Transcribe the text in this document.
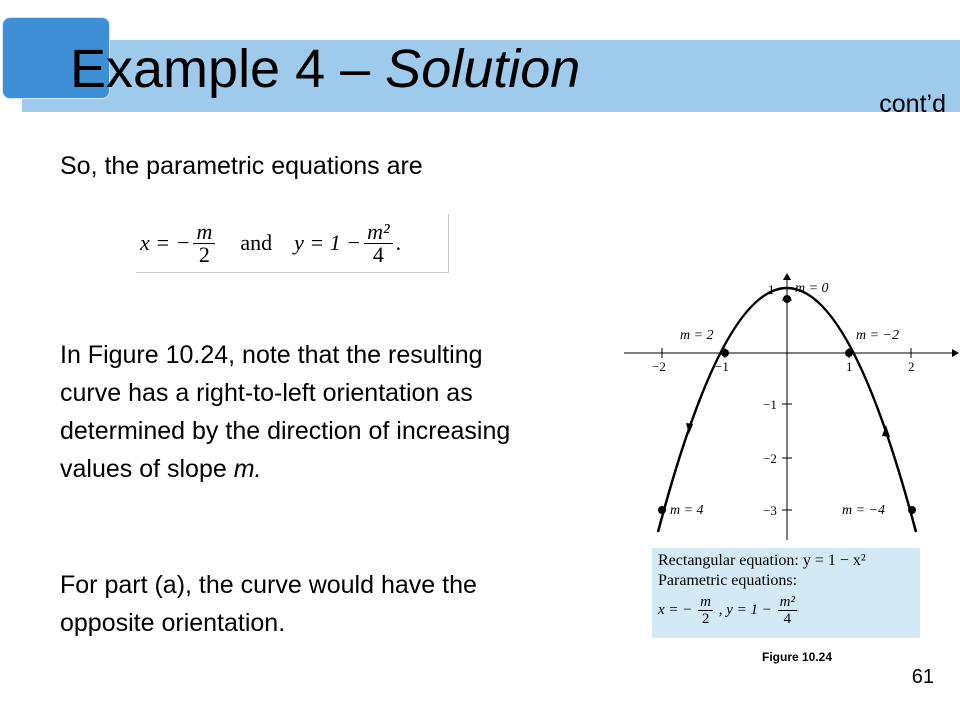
Example 4 – Solution
cont’d
So, the parametric equations are
x = − $\frac{m}{2}$ and $y = 1 - \frac{\text{m²}}{4}$ .
In Figure 10.24, note that the resulting
curve has a right-to-left orientation as
determined by the direction of increasing
values of slope m.
For part (a), the curve would have the
opposite orientation.
−2	−1	1	2
1
−1
−2
−3
m = 0
m = 2	m = −2
m = 4	m = −4
Rectangular equation: y = 1 − x²
Parametric equations:
x = − $\frac{m}{2}$ , $y = 1 - \frac{\text{m²}}{4}$
Figure 10.24
61
